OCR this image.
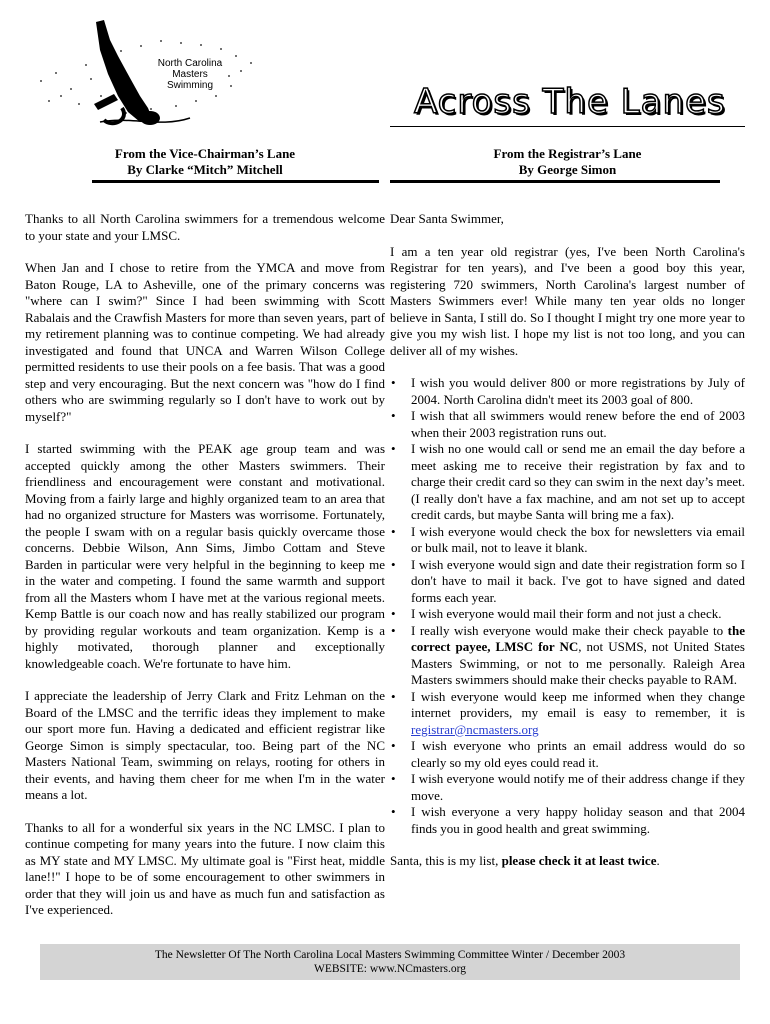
North Carolina
Masters
Swimming	Across The Lanes
From the Vice-Chairman’s Lane
By Clarke “Mitch” Mitchell

Thanks to all North Carolina swimmers for a tremendous welcome to your state and your LMSC.

When Jan and I chose to retire from the YMCA and move from Baton Rouge, LA to Asheville, one of the primary concerns was "where can I swim?" Since I had been swimming with Scott Rabalais and the Crawfish Masters for more than seven years, part of my retirement planning was to continue competing. We had already investigated and found that UNCA and Warren Wilson College permitted residents to use their pools on a fee basis. That was a good step and very encouraging. But the next concern was "how do I find others who are swimming regularly so I don't have to work out by myself?"

I started swimming with the PEAK age group team and was accepted quickly among the other Masters swimmers. Their friendliness and encouragement were constant and motivational. Moving from a fairly large and highly organized team to an area that had no organized structure for Masters was worrisome. Fortunately, the people I swam with on a regular basis quickly overcame those concerns. Debbie Wilson, Ann Sims, Jimbo Cottam and Steve Barden in particular were very helpful in the beginning to keep me in the water and competing. I found the same warmth and support from all the Masters whom I have met at the various regional meets. Kemp Battle is our coach now and has really stabilized our program by providing regular workouts and team organization. Kemp is a highly motivated, thorough planner and exceptionally knowledgeable coach. We're fortunate to have him.

I appreciate the leadership of Jerry Clark and Fritz Lehman on the Board of the LMSC and the terrific ideas they implement to make our sport more fun. Having a dedicated and efficient registrar like George Simon is simply spectacular, too. Being part of the NC Masters National Team, swimming on relays, rooting for others in their events, and having them cheer for me when I'm in the water means a lot.

Thanks to all for a wonderful six years in the NC LMSC. I plan to continue competing for many years into the future. I now claim this as MY state and MY LMSC. My ultimate goal is "First heat, middle lane!!" I hope to be of some encouragement to other swimmers in order that they will join us and have as much fun and satisfaction as I've experienced.

From the Registrar’s Lane
By George Simon

Dear Santa Swimmer,

I am a ten year old registrar (yes, I've been North Carolina's Registrar for ten years), and I've been a good boy this year, registering 720 swimmers, North Carolina's largest number of Masters Swimmers ever! While many ten year olds no longer believe in Santa, I still do. So I thought I might try one more year to give you my wish list. I hope my list is not too long, and you can deliver all of my wishes.

• I wish you would deliver 800 or more registrations by July of 2004. North Carolina didn't meet its 2003 goal of 800.
• I wish that all swimmers would renew before the end of 2003 when their 2003 registration runs out.
• I wish no one would call or send me an email the day before a meet asking me to receive their registration by fax and to charge their credit card so they can swim in the next day’s meet. (I really don't have a fax machine, and am not set up to accept credit cards, but maybe Santa will bring me a fax).
• I wish everyone would check the box for newsletters via email or bulk mail, not to leave it blank.
• I wish everyone would sign and date their registration form so I don't have to mail it back. I've got to have signed and dated forms each year.
• I wish everyone would mail their form and not just a check.
• I really wish everyone would make their check payable to the correct payee, LMSC for NC, not USMS, not United States Masters Swimming, or not to me personally. Raleigh Area Masters swimmers should make their checks payable to RAM.
• I wish everyone would keep me informed when they change internet providers, my email is easy to remember, it is registrar@ncmasters.org
• I wish everyone who prints an email address would do so clearly so my old eyes could read it.
• I wish everyone would notify me of their address change if they move.
• I wish everyone a very happy holiday season and that 2004 finds you in good health and great swimming.

Santa, this is my list, please check it at least twice.

The Newsletter Of The North Carolina Local Masters Swimming Committee Winter / December 2003
WEBSITE: www.NCmasters.org
